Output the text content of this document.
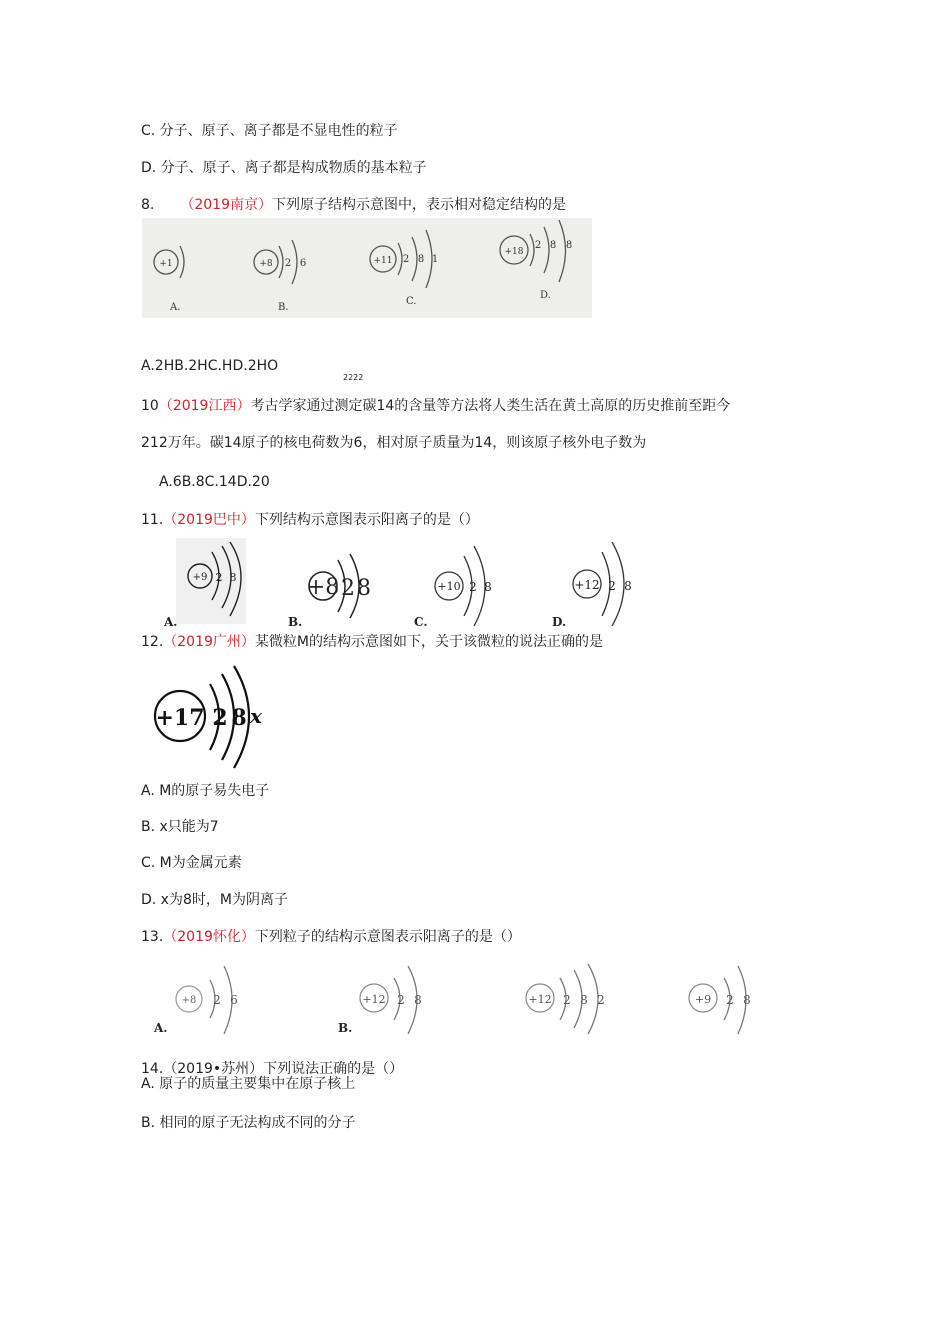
C. 分子、原子、离子都是不显电性的粒子
D. 分子、原子、离子都是构成物质的基本粒子
8. （2019南京）下列原子结构示意图中，表示相对稳定结构的是
+1
A.
+8 2 6
B.
+11 2 8 1
C.
+18
2 8 8
D.
A.2HB.2HC.HD.2HO
2222
10（2019江西）考古学家通过测定碳14的含量等方法将人类生活在黄土高原的历史推前至距今
212万年。碳14原子的核电荷数为6，相对原子质量为14，则该原子核外电子数为
A.6B.8C.14D.20
11.（2019巴中）下列结构示意图表示阳离子的是（）
+9 2 8
A.
+8 2 8
B.
+10 2 8
C.
+12 2 8
D.
12.（2019广州）某微粒M的结构示意图如下，关于该微粒的说法正确的是
+17 2 8 x
A. M的原子易失电子
B. x只能为7
C. M为金属元素
D. x为8时，M为阴离子
13.（2019怀化）下列粒子的结构示意图表示阳离子的是（）
+8 2 6
A.
+12 2 8
B.
+12 2 8 2	+9 2 8
14.（2019•苏州）下列说法正确的是（）
A. 原子的质量主要集中在原子核上
B. 相同的原子无法构成不同的分子
